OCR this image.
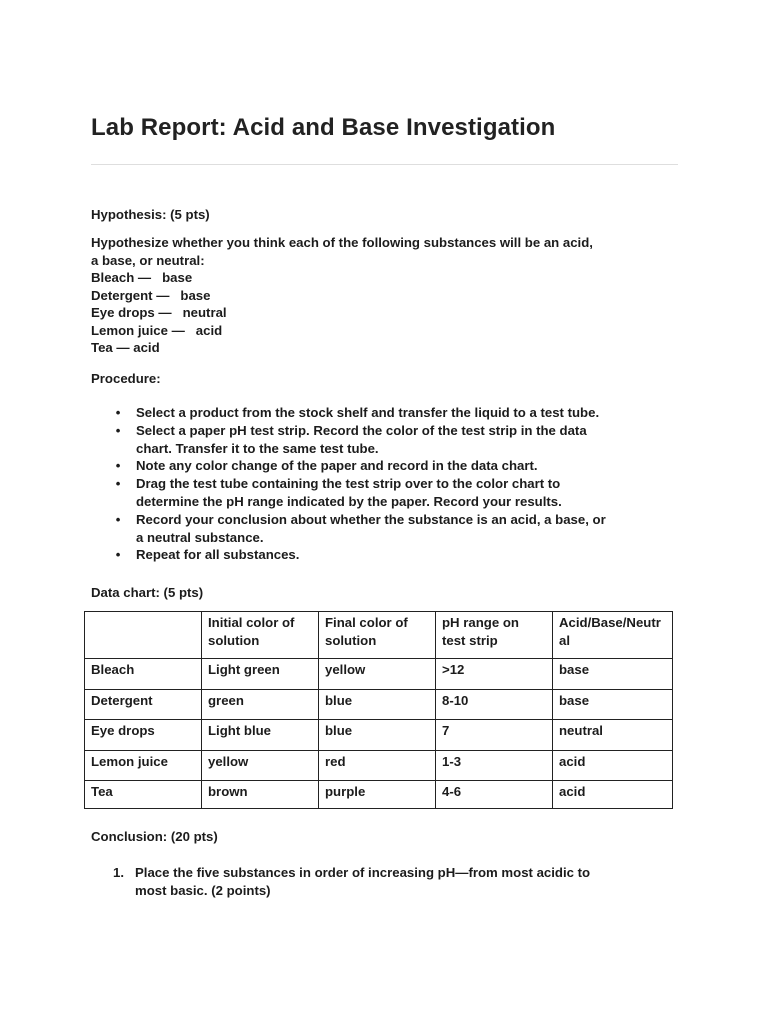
Lab Report: Acid and Base Investigation
Hypothesis: (5 pts)
Hypothesize whether you think each of the following substances will be an acid,
a base, or neutral:
Bleach —   base
Detergent —   base
Eye drops —   neutral
Lemon juice —   acid
Tea — acid
Procedure:
• Select a product from the stock shelf and transfer the liquid to a test tube.
• Select a paper pH test strip. Record the color of the test strip in the data
chart. Transfer it to the same test tube.
• Note any color change of the paper and record in the data chart.
• Drag the test tube containing the test strip over to the color chart to
determine the pH range indicated by the paper. Record your results.
• Record your conclusion about whether the substance is an acid, a base, or
a neutral substance.
• Repeat for all substances.
Data chart: (5 pts)
	Initial color of solution	Final color of solution	pH range on test strip	Acid/Base/Neutral
Bleach	Light green	yellow	>12	base
Detergent	green	blue	8-10	base
Eye drops	Light blue	blue	7	neutral
Lemon juice	yellow	red	1-3	acid
Tea	brown	purple	4-6	acid
Conclusion: (20 pts)
1. Place the five substances in order of increasing pH—from most acidic to
most basic. (2 points)
